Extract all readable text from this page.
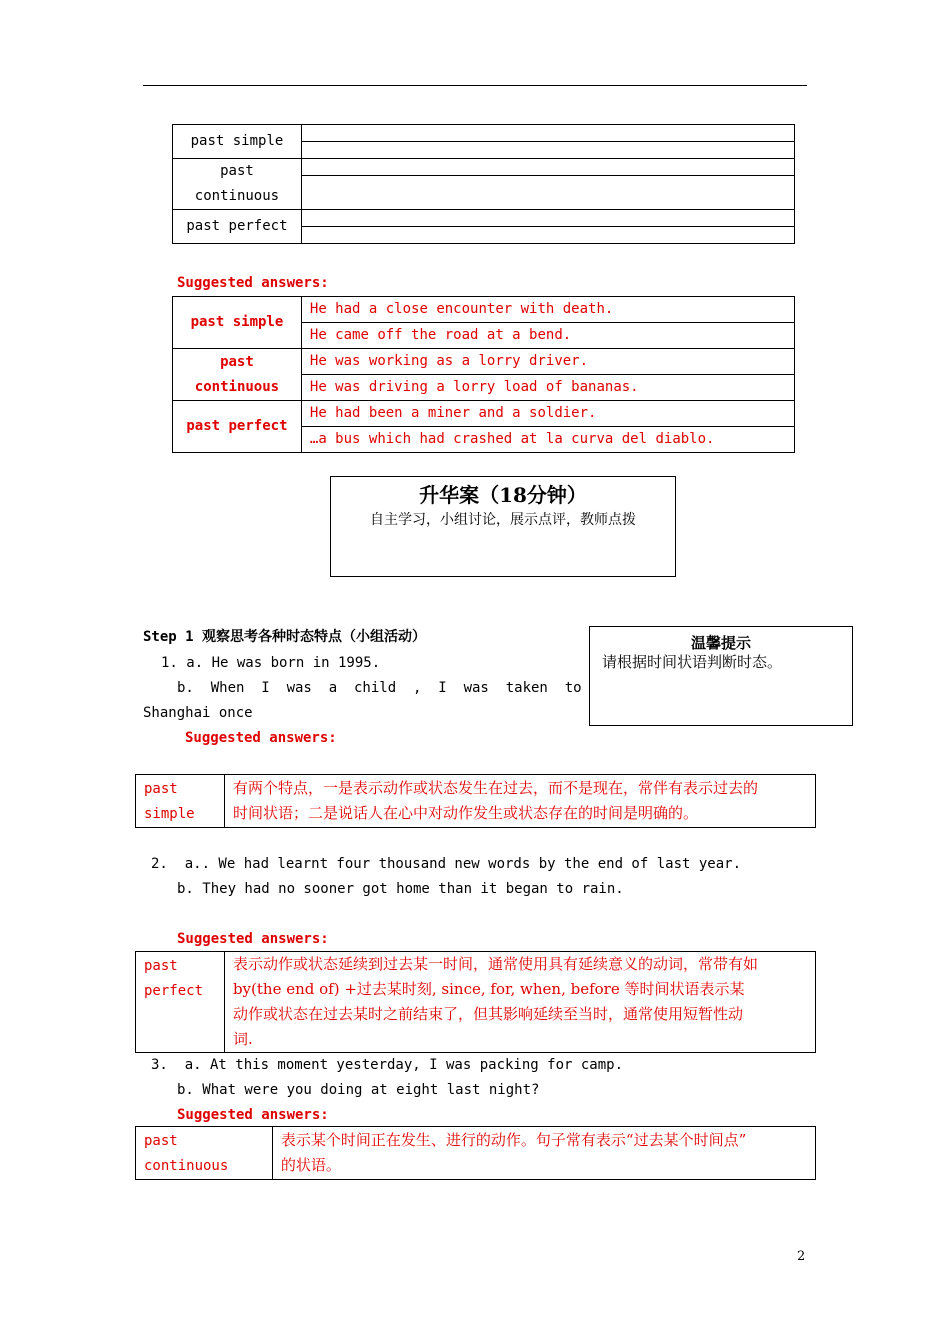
past simple	

past
continuous	

past perfect	

Suggested answers:
past simple	He had a close encounter with death.
	He came off the road at a bend.

past
continuous	He was working as a lorry driver.
	He was driving a lorry load of bananas.
past perfect	He had been a miner and a soldier.
	…a bus which had crashed at la curva del diablo.
升华案（18分钟）
自主学习，小组讨论，展示点评，教师点拨
Step 1 观察思考各种时态特点（小组活动）	温馨提示
请根据时间状语判断时态。
1. a. He was born in 1995.
b.  When  I  was  a  child  ,  I  was  taken  to
Shanghai once
Suggested answers:
past
simple

有两个特点，一是表示动作或状态发生在过去，而不是现在，常伴有表示过去的
时间状语；二是说话人在心中对动作发生或状态存在的时间是明确的。
2.  a.. We had learnt four thousand new words by the end of last year.
b. They had no sooner got home than it began to rain.
Suggested answers:
past
perfect

表示动作或状态延续到过去某一时间，通常使用具有延续意义的动词，常带有如
by(the end of) +过去某时刻, since, for, when, before 等时间状语表示某
动作或状态在过去某时之前结束了，但其影响延续至当时，通常使用短暂性动
词.
3.  a. At this moment yesterday, I was packing for camp.
b. What were you doing at eight last night?
Suggested answers:
past
continuous

表示某个时间正在发生、进行的动作。句子常有表示“过去某个时间点”
的状语。
2
